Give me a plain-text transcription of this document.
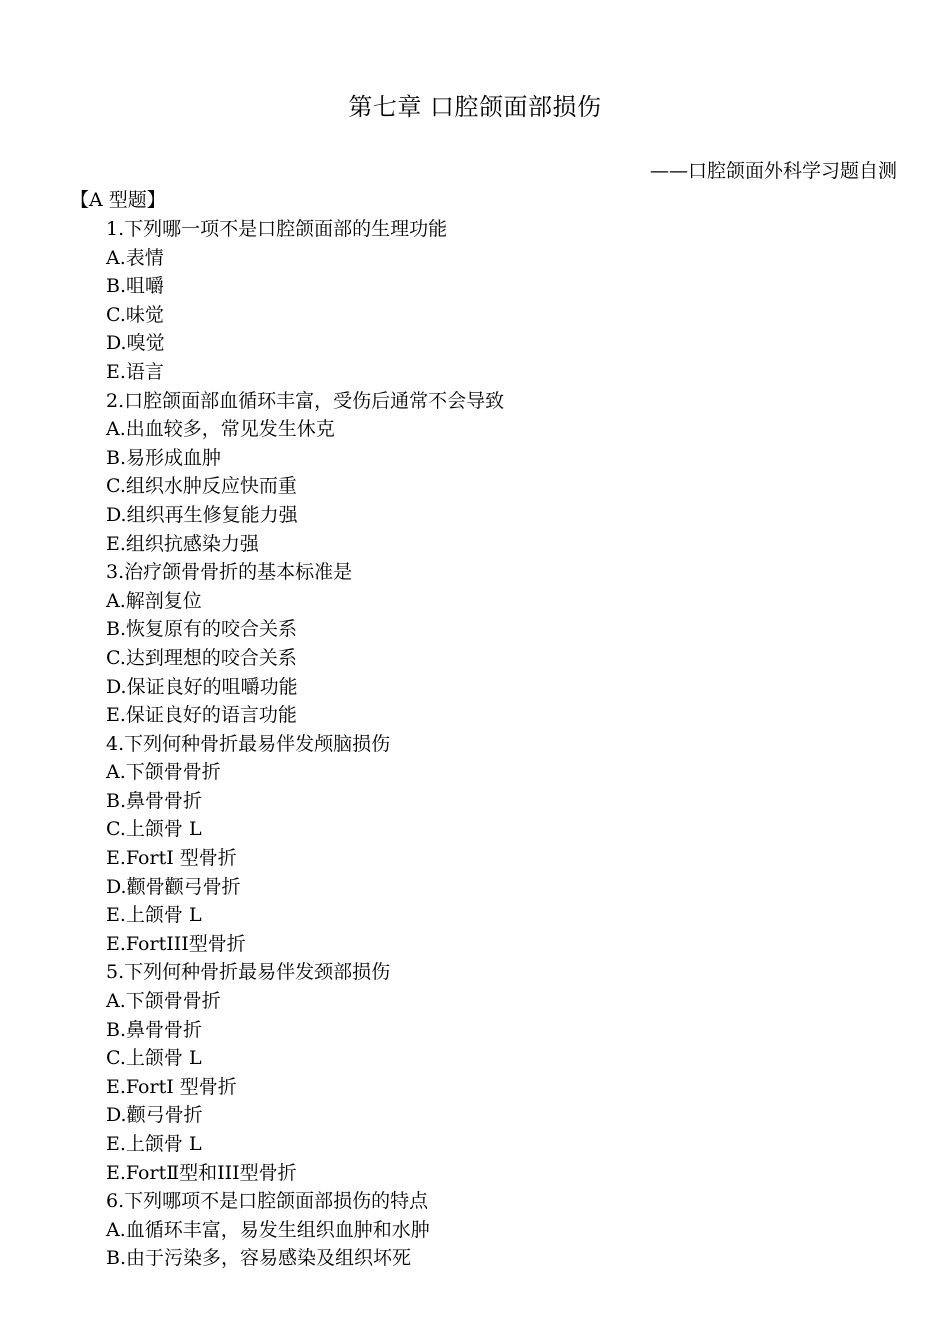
第七章 口腔颌面部损伤
——口腔颌面外科学习题自测
【A 型题】
1.下列哪一项不是口腔颌面部的生理功能
A.表情
B.咀嚼
C.味觉
D.嗅觉
E.语言
2.口腔颌面部血循环丰富，受伤后通常不会导致
A.出血较多，常见发生休克
B.易形成血肿
C.组织水肿反应快而重
D.组织再生修复能力强
E.组织抗感染力强
3.治疗颌骨骨折的基本标准是
A.解剖复位
B.恢复原有的咬合关系
C.达到理想的咬合关系
D.保证良好的咀嚼功能
E.保证良好的语言功能
4.下列何种骨折最易伴发颅脑损伤
A.下颌骨骨折
B.鼻骨骨折
C.上颌骨 L
E.FortI 型骨折
D.颧骨颧弓骨折
E.上颌骨 L
E.FortIII型骨折
5.下列何种骨折最易伴发颈部损伤
A.下颌骨骨折
B.鼻骨骨折
C.上颌骨 L
E.FortI 型骨折
D.颧弓骨折
E.上颌骨 L
E.FortⅡ型和III型骨折
6.下列哪项不是口腔颌面部损伤的特点
A.血循环丰富，易发生组织血肿和水肿
B.由于污染多，容易感染及组织坏死
